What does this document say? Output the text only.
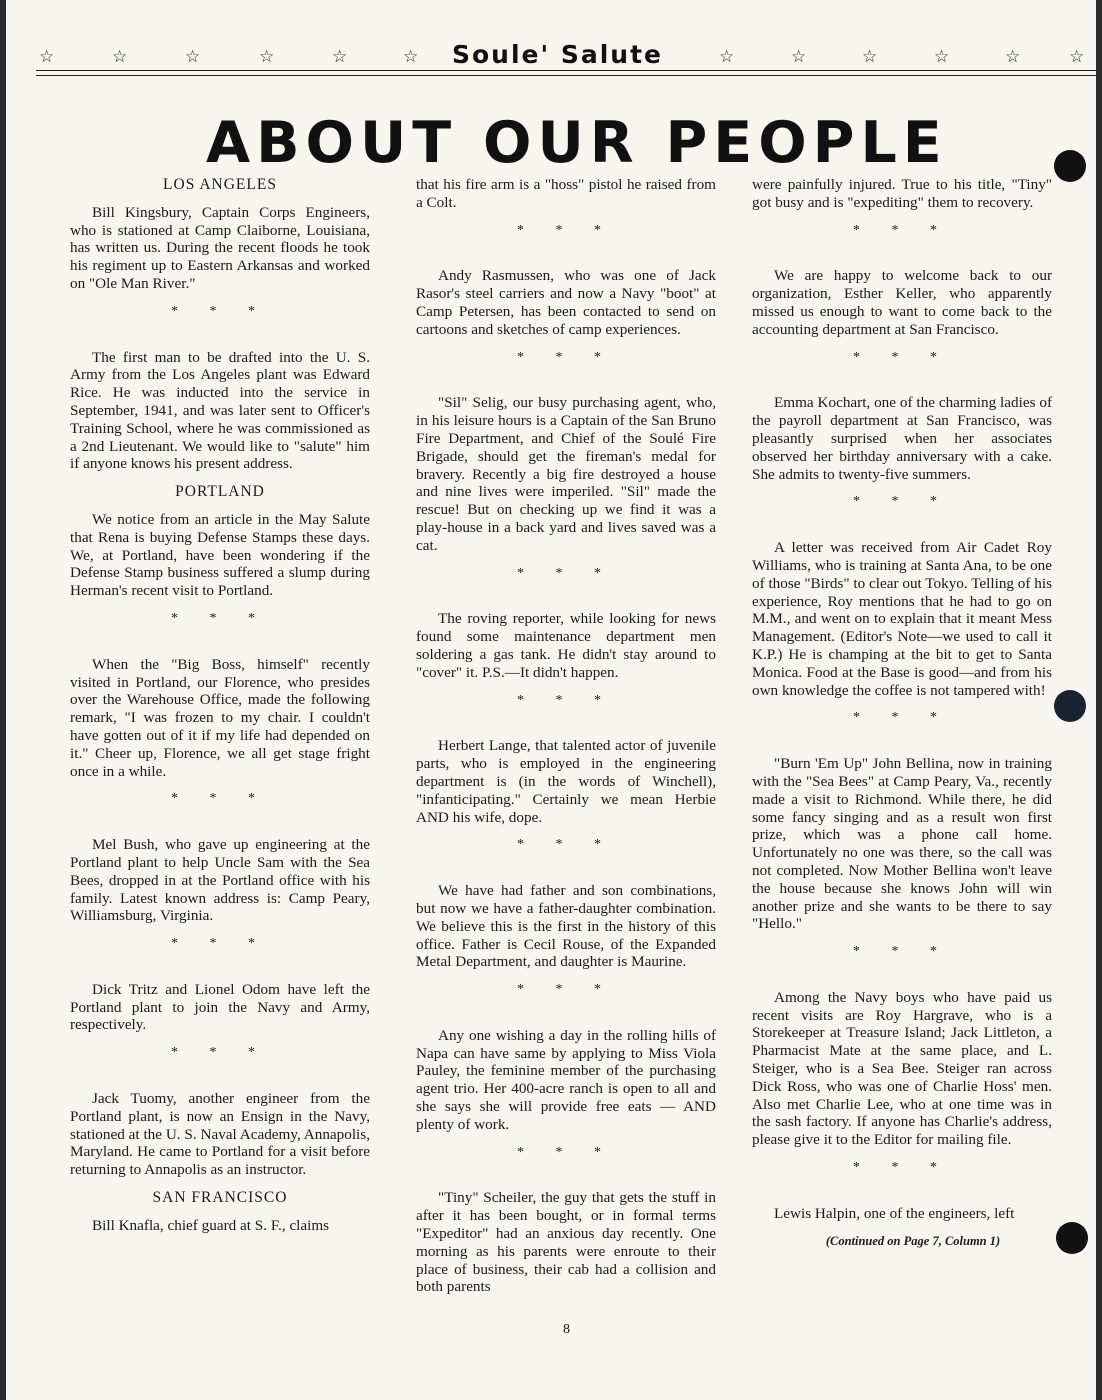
☆	☆	☆	☆	☆	☆	Soule' Salute	☆	☆	☆	☆	☆	☆
ABOUT OUR PEOPLE
LOS ANGELES

Bill Kingsbury, Captain Corps Engineers, who is stationed at Camp Claiborne, Louisiana, has written us. During the recent floods he took his regiment up to Eastern Arkansas and worked on "Ole Man River."

* * *

The first man to be drafted into the U. S. Army from the Los Angeles plant was Edward Rice. He was inducted into the service in September, 1941, and was later sent to Officer's Training School, where he was commissioned as a 2nd Lieutenant. We would like to "salute" him if anyone knows his present address.

PORTLAND

We notice from an article in the May Salute that Rena is buying Defense Stamps these days. We, at Portland, have been wondering if the Defense Stamp business suffered a slump during Herman's recent visit to Portland.

* * *

When the "Big Boss, himself" recently visited in Portland, our Florence, who presides over the Warehouse Office, made the following remark, "I was frozen to my chair. I couldn't have gotten out of it if my life had depended on it." Cheer up, Florence, we all get stage fright once in a while.

* * *

Mel Bush, who gave up engineering at the Portland plant to help Uncle Sam with the Sea Bees, dropped in at the Portland office with his family. Latest known address is: Camp Peary, Williamsburg, Virginia.

* * *

Dick Tritz and Lionel Odom have left the Portland plant to join the Navy and Army, respectively.

* * *

Jack Tuomy, another engineer from the Portland plant, is now an Ensign in the Navy, stationed at the U. S. Naval Academy, Annapolis, Maryland. He came to Portland for a visit before returning to Annapolis as an instructor.

SAN FRANCISCO

Bill Knafla, chief guard at S. F., claims

that his fire arm is a "hoss" pistol he raised from a Colt.

* * *

Andy Rasmussen, who was one of Jack Rasor's steel carriers and now a Navy "boot" at Camp Petersen, has been contacted to send on cartoons and sketches of camp experiences.

* * *

"Sil" Selig, our busy purchasing agent, who, in his leisure hours is a Captain of the San Bruno Fire Department, and Chief of the Soulé Fire Brigade, should get the fireman's medal for bravery. Recently a big fire destroyed a house and nine lives were imperiled. "Sil" made the rescue! But on checking up we find it was a play-house in a back yard and lives saved was a cat.

* * *

The roving reporter, while looking for news found some maintenance department men soldering a gas tank. He didn't stay around to "cover" it. P.S.—It didn't happen.

* * *

Herbert Lange, that talented actor of juvenile parts, who is employed in the engineering department is (in the words of Winchell), "infanticipating." Certainly we mean Herbie AND his wife, dope.

* * *

We have had father and son combinations, but now we have a father-daughter combination. We believe this is the first in the history of this office. Father is Cecil Rouse, of the Expanded Metal Department, and daughter is Maurine.

* * *

Any one wishing a day in the rolling hills of Napa can have same by applying to Miss Viola Pauley, the feminine member of the purchasing agent trio. Her 400-acre ranch is open to all and she says she will provide free eats — AND plenty of work.

* * *

"Tiny" Scheiler, the guy that gets the stuff in after it has been bought, or in formal terms "Expeditor" had an anxious day recently. One morning as his parents were enroute to their place of business, their cab had a collision and both parents

were painfully injured. True to his title, "Tiny" got busy and is "expediting" them to recovery.

* * *

We are happy to welcome back to our organization, Esther Keller, who apparently missed us enough to want to come back to the accounting department at San Francisco.

* * *

Emma Kochart, one of the charming ladies of the payroll department at San Francisco, was pleasantly surprised when her associates observed her birthday anniversary with a cake. She admits to twenty-five summers.

* * *

A letter was received from Air Cadet Roy Williams, who is training at Santa Ana, to be one of those "Birds" to clear out Tokyo. Telling of his experience, Roy mentions that he had to go on M.M., and went on to explain that it meant Mess Management. (Editor's Note—we used to call it K.P.) He is champing at the bit to get to Santa Monica. Food at the Base is good—and from his own knowledge the coffee is not tampered with!

* * *

"Burn 'Em Up" John Bellina, now in training with the "Sea Bees" at Camp Peary, Va., recently made a visit to Richmond. While there, he did some fancy singing and as a result won first prize, which was a phone call home. Unfortunately no one was there, so the call was not completed. Now Mother Bellina won't leave the house because she knows John will win another prize and she wants to be there to say "Hello."

* * *

Among the Navy boys who have paid us recent visits are Roy Hargrave, who is a Storekeeper at Treasure Island; Jack Littleton, a Pharmacist Mate at the same place, and L. Steiger, who is a Sea Bee. Steiger ran across Dick Ross, who was one of Charlie Hoss' men. Also met Charlie Lee, who at one time was in the sash factory. If anyone has Charlie's address, please give it to the Editor for mailing file.

* * *

Lewis Halpin, one of the engineers, left

(Continued on Page 7, Column 1)

8
